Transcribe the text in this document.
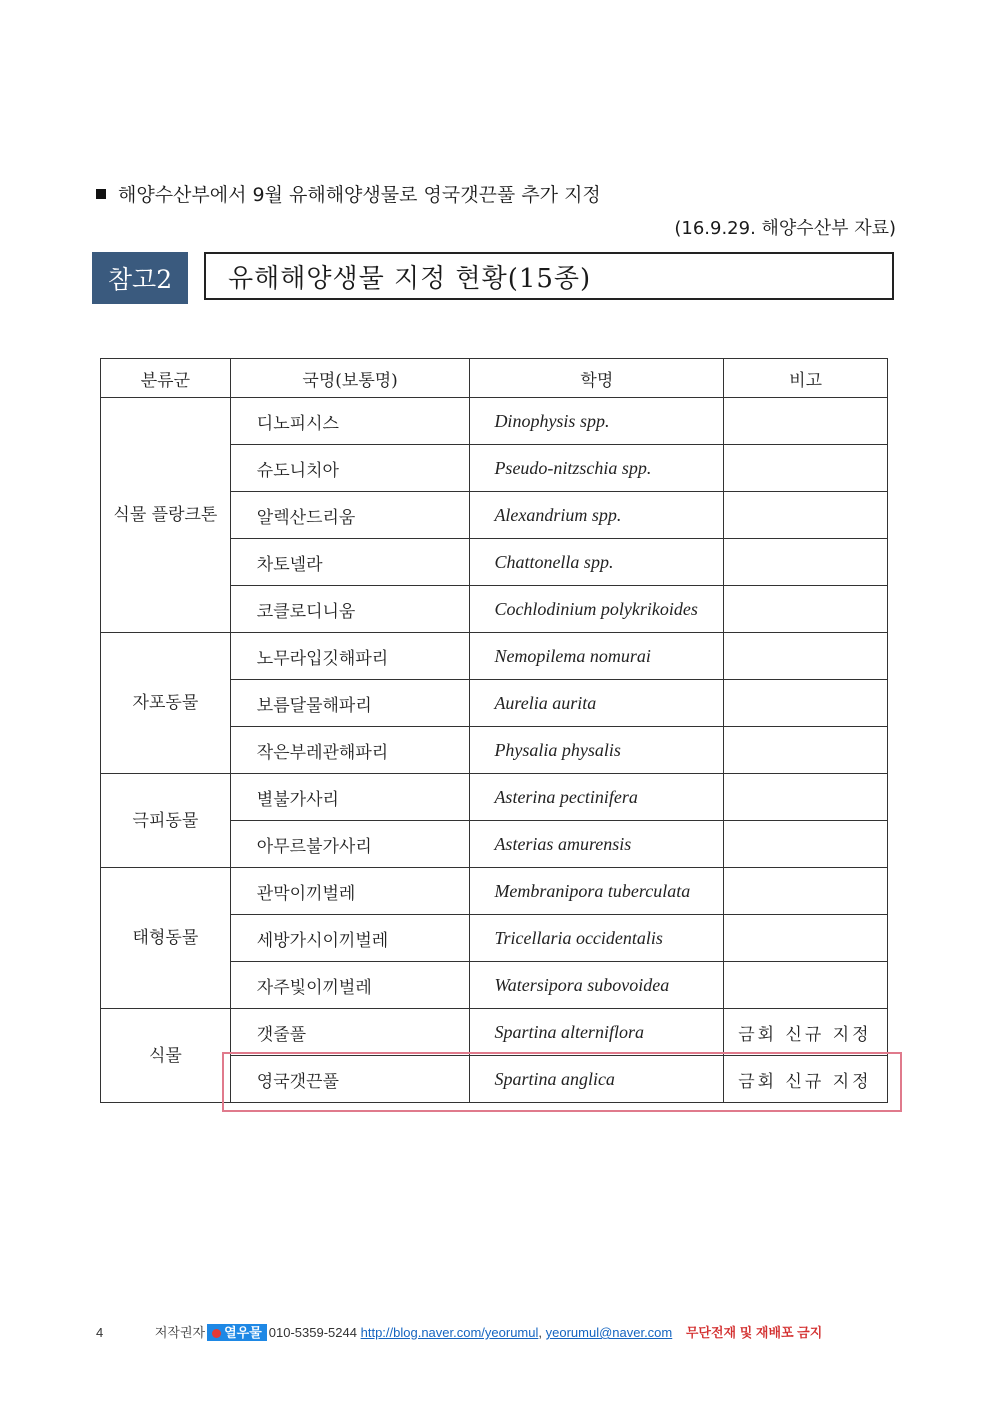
해양수산부에서 9월 유해해양생물로 영국갯끈풀 추가 지정
(16.9.29. 해양수산부 자료)
참고2	유해해양생물 지정 현황(15종)
분류군	국명(보통명)	학명	비고
식물 플랑크톤	디노피시스	Dinophysis spp.	
	슈도니치아	Pseudo-nitzschia spp.	
	알렉산드리움	Alexandrium spp.	
	차토넬라	Chattonella spp.	
	코클로디니움	Cochlodinium polykrikoides	
자포동물	노무라입깃해파리	Nemopilema nomurai	
	보름달물해파리	Aurelia aurita	
	작은부레관해파리	Physalia physalis	
극피동물	별불가사리	Asterina pectinifera	
	아무르불가사리	Asterias amurensis	
태형동물	관막이끼벌레	Membranipora tuberculata	
	세방가시이끼벌레	Tricellaria occidentalis	
	자주빛이끼벌레	Watersipora subovoidea	
식물	갯줄풀	Spartina alterniflora	금회 신규 지정
	영국갯끈풀	Spartina anglica	금회 신규 지정
4	저작권자 열우물 010-5359-5244 http://blog.naver.com/yeorumul, yeorumul@naver.com 무단전재 및 재배포 금지
